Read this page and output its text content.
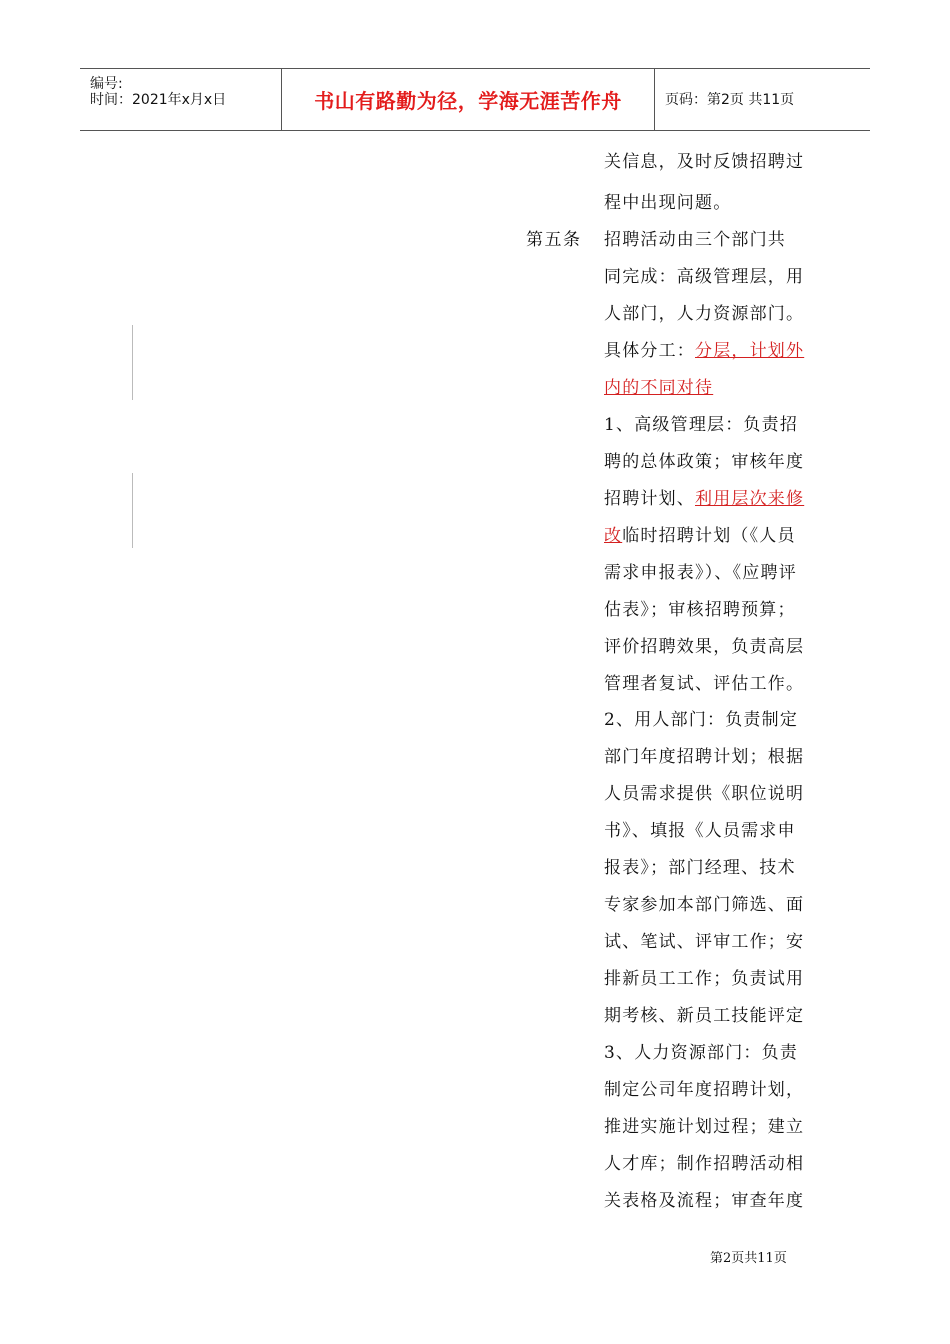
编号:
时间：2021年x月x日	书山有路勤为径，学海无涯苦作舟	页码：第2页 共11页
第五条
关信息，及时反馈招聘过
程中出现问题。
招聘活动由三个部门共
同完成：高级管理层，用
人部门，人力资源部门。
具体分工：分层，计划外
内的不同对待
1、高级管理层：负责招
聘的总体政策；审核年度
招聘计划、利用层次来修
改临时招聘计划（《人员
需求申报表》）、《应聘评
估表》；审核招聘预算；
评价招聘效果，负责高层
管理者复试、评估工作。
2、用人部门：负责制定
部门年度招聘计划；根据
人员需求提供《职位说明
书》、填报《人员需求申
报表》；部门经理、技术
专家参加本部门筛选、面
试、笔试、评审工作；安
排新员工工作；负责试用
期考核、新员工技能评定
3、人力资源部门：负责
制定公司年度招聘计划，
推进实施计划过程；建立
人才库；制作招聘活动相
关表格及流程；审查年度
第2页共11页
